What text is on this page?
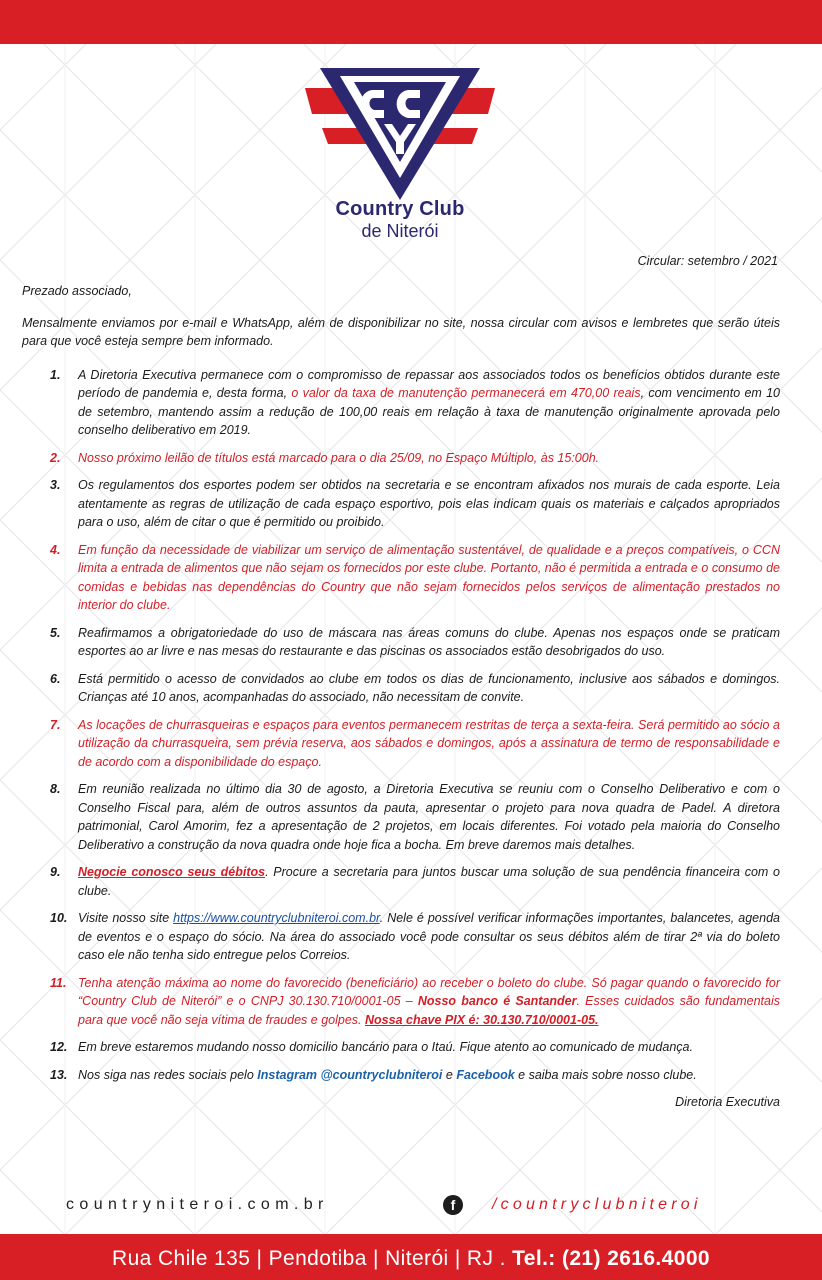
Country Club
de Niterói
Circular: setembro / 2021

Prezado associado,

Mensalmente enviamos por e-mail e WhatsApp, além de disponibilizar no site, nossa circular com avisos e lembretes que serão úteis para que você esteja sempre bem informado.

1. A Diretoria Executiva permanece com o compromisso de repassar aos associados todos os benefícios obtidos durante este período de pandemia e, desta forma, o valor da taxa de manutenção permanecerá em 470,00 reais, com vencimento em 10 de setembro, mantendo assim a redução de 100,00 reais em relação à taxa de manutenção originalmente aprovada pelo conselho deliberativo em 2019.
2. Nosso próximo leilão de títulos está marcado para o dia 25/09, no Espaço Múltiplo, às 15:00h.
3. Os regulamentos dos esportes podem ser obtidos na secretaria e se encontram afixados nos murais de cada esporte. Leia atentamente as regras de utilização de cada espaço esportivo, pois elas indicam quais os materiais e calçados apropriados para o uso, além de citar o que é permitido ou proibido.
4. Em função da necessidade de viabilizar um serviço de alimentação sustentável, de qualidade e a preços compatíveis, o CCN limita a entrada de alimentos que não sejam os fornecidos por este clube. Portanto, não é permitida a entrada e o consumo de comidas e bebidas nas dependências do Country que não sejam fornecidos pelos serviços de alimentação prestados no interior do clube.
5. Reafirmamos a obrigatoriedade do uso de máscara nas áreas comuns do clube. Apenas nos espaços onde se praticam esportes ao ar livre e nas mesas do restaurante e das piscinas os associados estão desobrigados do uso.
6. Está permitido o acesso de convidados ao clube em todos os dias de funcionamento, inclusive aos sábados e domingos. Crianças até 10 anos, acompanhadas do associado, não necessitam de convite.
7. As locações de churrasqueiras e espaços para eventos permanecem restritas de terça a sexta-feira. Será permitido ao sócio a utilização da churrasqueira, sem prévia reserva, aos sábados e domingos, após a assinatura de termo de responsabilidade e de acordo com a disponibilidade do espaço.
8. Em reunião realizada no último dia 30 de agosto, a Diretoria Executiva se reuniu com o Conselho Deliberativo e com o Conselho Fiscal para, além de outros assuntos da pauta, apresentar o projeto para nova quadra de Padel. A diretora patrimonial, Carol Amorim, fez a apresentação de 2 projetos, em locais diferentes. Foi votado pela maioria do Conselho Deliberativo a construção da nova quadra onde hoje fica a bocha. Em breve daremos mais detalhes.
9. Negocie conosco seus débitos. Procure a secretaria para juntos buscar uma solução de sua pendência financeira com o clube.
10. Visite nosso site https://www.countryclubniteroi.com.br. Nele é possível verificar informações importantes, balancetes, agenda de eventos e o espaço do sócio. Na área do associado você pode consultar os seus débitos além de tirar 2ª via do boleto caso ele não tenha sido entregue pelos Correios.
11. Tenha atenção máxima ao nome do favorecido (beneficiário) ao receber o boleto do clube. Só pagar quando o favorecido for “Country Club de Niterói” e o CNPJ 30.130.710/0001-05 – Nosso banco é Santander. Esses cuidados são fundamentais para que você não seja vítima de fraudes e golpes. Nossa chave PIX é: 30.130.710/0001-05.
12. Em breve estaremos mudando nosso domicilio bancário para o Itaú. Fique atento ao comunicado de mudança.
13. Nos siga nas redes sociais pelo Instagram @countryclubniteroi e Facebook e saiba mais sobre nosso clube.

Diretoria Executiva

countryniteroi.com.br	f	/countryclubniteroi
Rua Chile 135 | Pendotiba | Niterói | RJ . Tel.: (21) 2616.4000
